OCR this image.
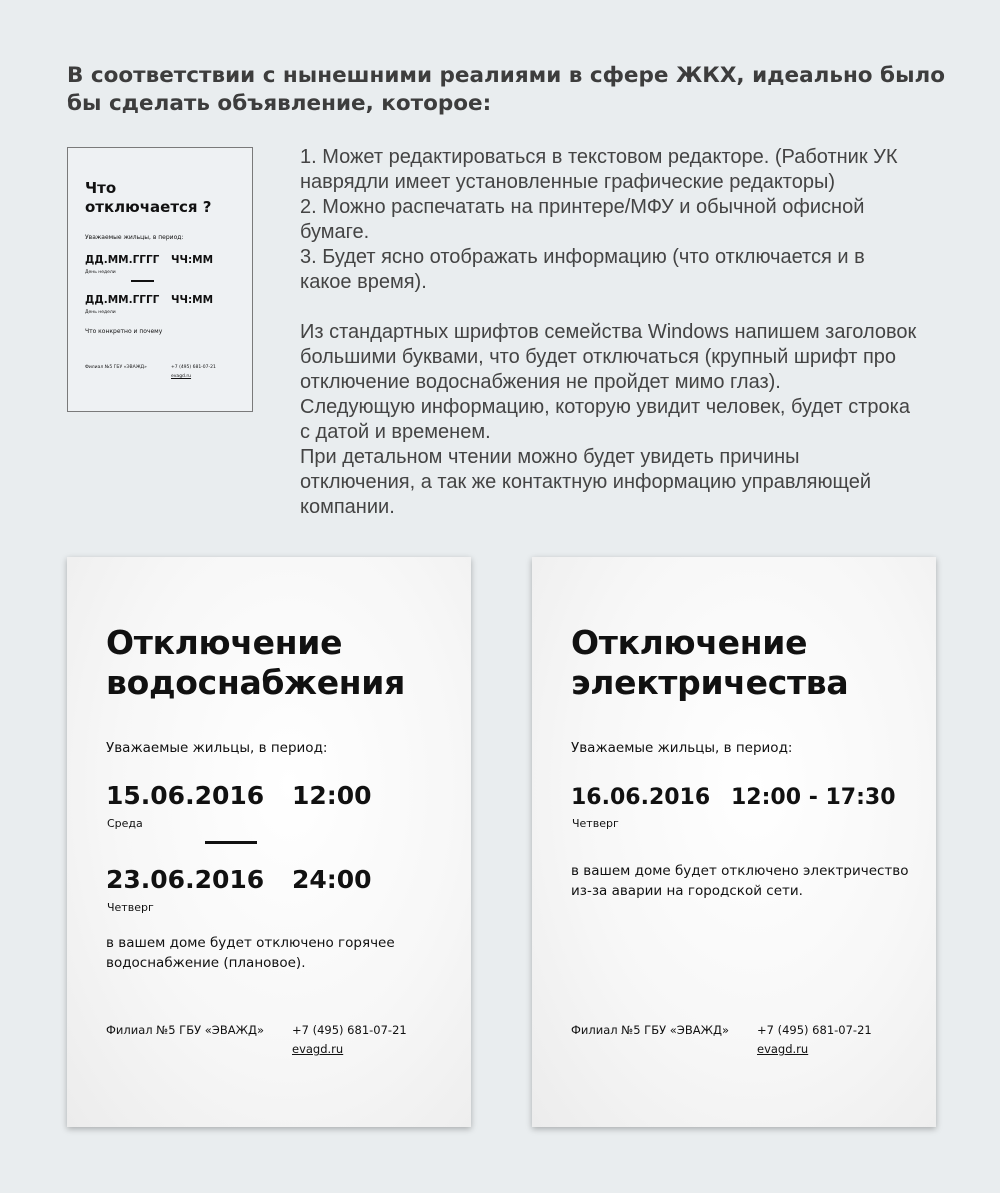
В соответствии с нынешними реалиями в сфере ЖКХ, идеально было
бы сделать объявление, которое:
Что
отключается ?
Уважаемые жильцы, в период:
ДД.ММ.ГГГГ ЧЧ:ММ
День недели
ДД.ММ.ГГГГ ЧЧ:ММ
День недели
Что конкретно и почему
Филиал №5 ГБУ «ЭВАЖД»	+7 (495) 681-07-21
evagd.ru
1. Может редактироваться в текстовом редакторе. (Работник УК
наврядли имеет установленные графические редакторы)
2. Можно распечатать на принтере/МФУ и обычной офисной
бумаге.
3. Будет ясно отображать информацию (что отключается и в
какое время).
Из стандартных шрифтов семейства Windows напишем заголовок
большими буквами, что будет отключаться (крупный шрифт про
отключение водоснабжения не пройдет мимо глаз).
Следующую информацию, которую увидит человек, будет строка
с датой и временем.
При детальном чтении можно будет увидеть причины
отключения, а так же контактную информацию управляющей
компании.
Отключение
водоснабжения
Уважаемые жильцы, в период:
15.06.2016 12:00
Среда
23.06.2016 24:00
Четверг
в вашем доме будет отключено горячее
водоснабжение (плановое).
Филиал №5 ГБУ «ЭВАЖД» +7 (495) 681-07-21
evagd.ru
Отключение
электричества
Уважаемые жильцы, в период:
16.06.2016 12:00 - 17:30
Четверг
в вашем доме будет отключено электричество
из-за аварии на городской сети.
Филиал №5 ГБУ «ЭВАЖД» +7 (495) 681-07-21
evagd.ru
